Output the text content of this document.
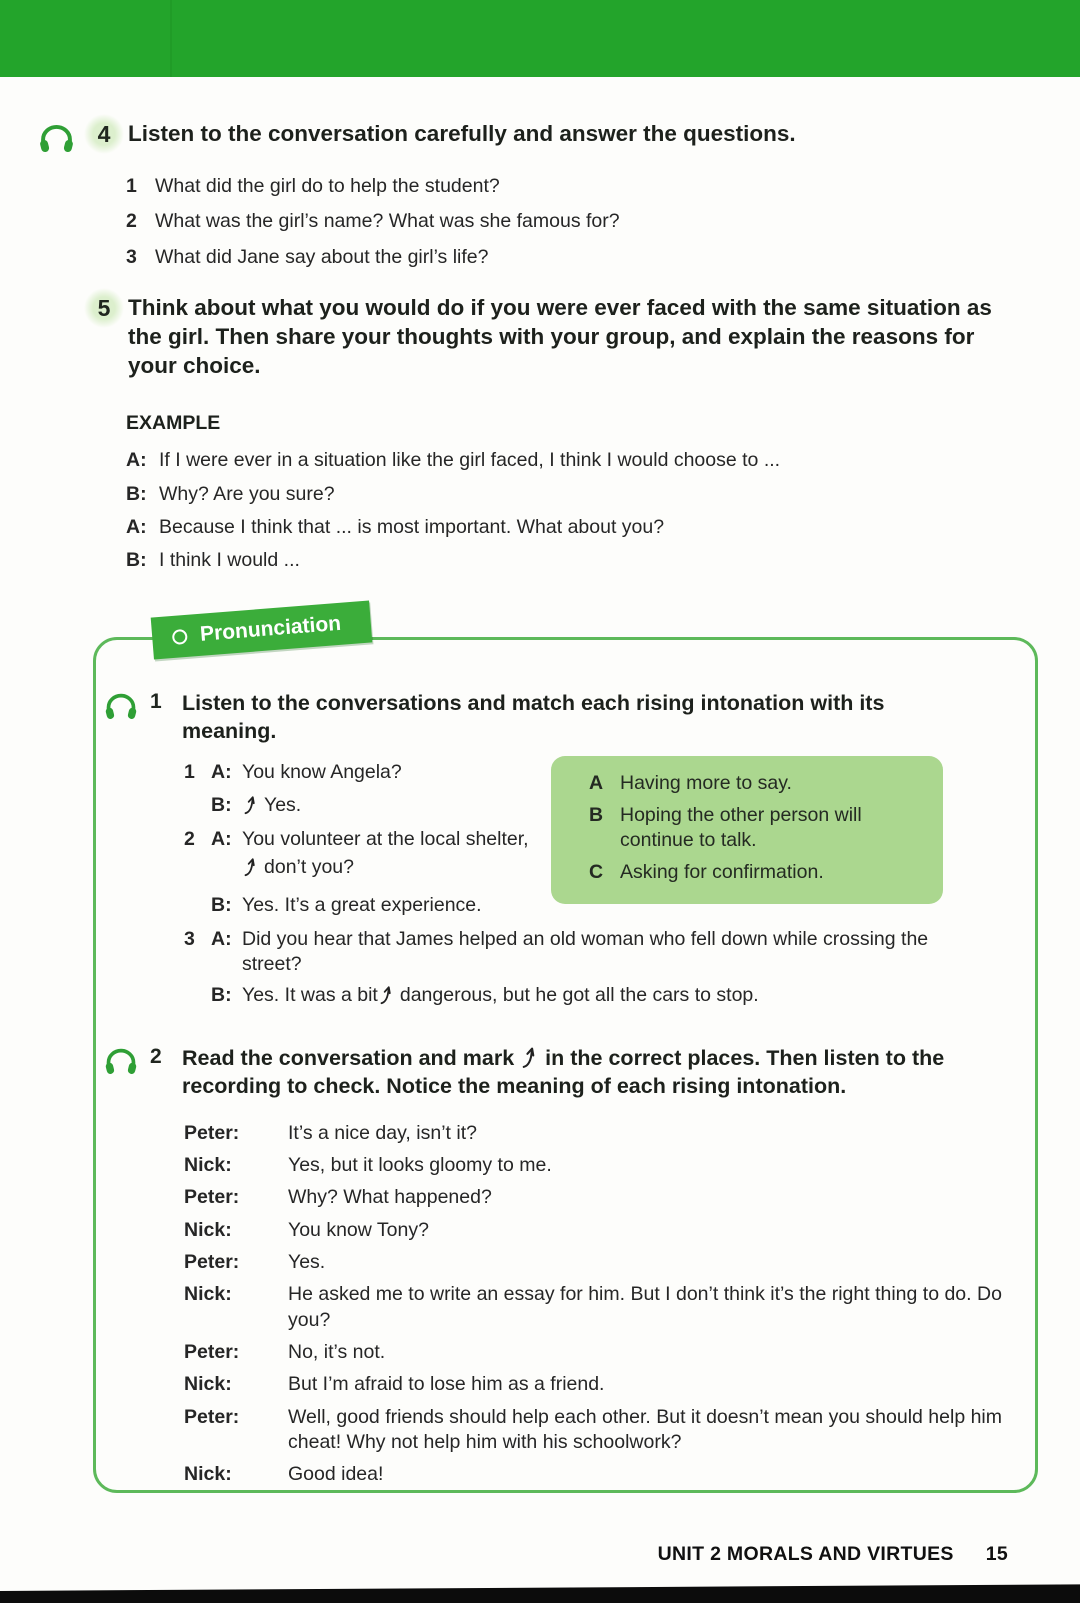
4 Listen to the conversation carefully and answer the questions.
1 What did the girl do to help the student?
2 What was the girl’s name? What was she famous for?
3 What did Jane say about the girl’s life?
5 Think about what you would do if you were ever faced with the same situation as the girl. Then share your thoughts with your group, and explain the reasons for your choice.
EXAMPLE
A: If I were ever in a situation like the girl faced, I think I would choose to ...
B: Why? Are you sure?
A: Because I think that ... is most important. What about you?
B: I think I would ...
Pronunciation
A Having more to say.
B Hoping the other person will continue to talk.
C Asking for confirmation.
1 Listen to the conversations and match each rising intonation with its meaning.
1 A: You know Angela?
B:	Yes.
2 A: You volunteer at the local shelter,
don’t you?
B: Yes. It’s a great experience.
3 A: Did you hear that James helped an old woman who fell down while crossing the street?
B: Yes. It was a bit dangerous, but he got all the cars to stop.
2 Read the conversation and mark in the correct places. Then listen to the recording to check. Notice the meaning of each rising intonation.
Peter:	It’s a nice day, isn’t it?
Nick:	Yes, but it looks gloomy to me.
Peter:	Why? What happened?
Nick:	You know Tony?
Peter:	Yes.
Nick:	He asked me to write an essay for him. But I don’t think it’s the right thing to do. Do you?
Peter:	No, it’s not.
Nick:	But I’m afraid to lose him as a friend.
Peter:	Well, good friends should help each other. But it doesn’t mean you should help him cheat! Why not help him with his schoolwork?
Nick:	Good idea!
UNIT 2 MORALS AND VIRTUES 15
